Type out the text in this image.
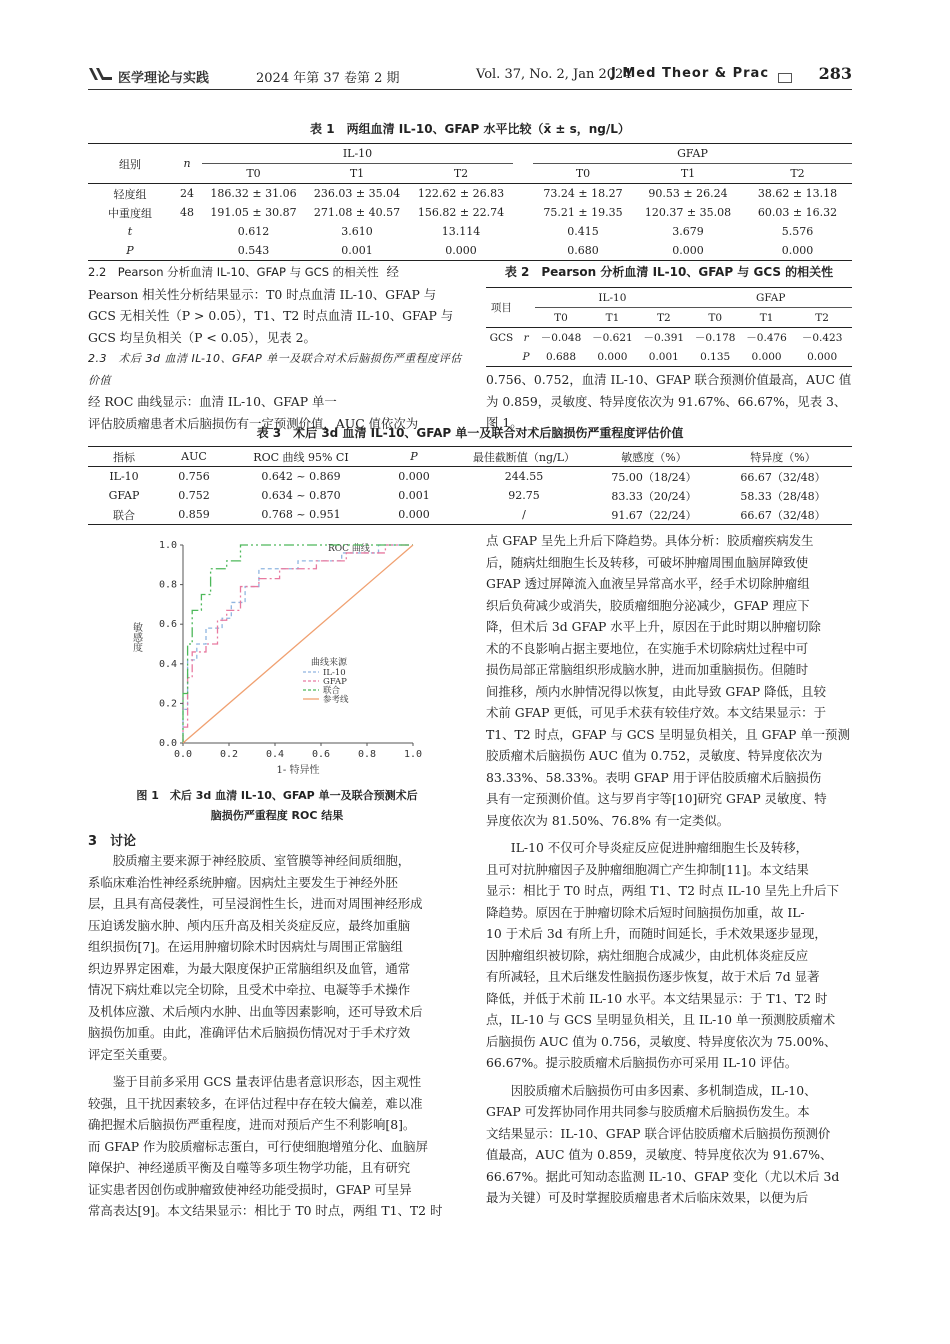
医学理论与实践	2024 年第 37 卷第 2 期	Vol. 37, No. 2, Jan 2024
J Med Theor & Prac	283
表 1　两组血清 IL-10、GFAP 水平比较（x̄ ± s，ng/L）
组别	n	IL-10				GFAP		
		T0	T1	T2		T0	T1	T2
轻度组	24	186.32 ± 31.06	236.03 ± 35.04	122.62 ± 26.83		73.24 ± 18.27	90.53 ± 26.24	38.62 ± 13.18
中重度组	48	191.05 ± 30.87	271.08 ± 40.57	156.82 ± 22.74		75.21 ± 19.35	120.37 ± 35.08	60.03 ± 16.32
t		0.612	3.610	13.114		0.415	3.679	5.576
P		0.543	0.001	0.000		0.680	0.000	0.000
2.2　Pearson 分析血清 IL-10、GFAP 与 GCS 的相关性 经
Pearson 相关性分析结果显示：T0 时点血清 IL-10、GFAP 与
GCS 无相关性（P > 0.05），T1、T2 时点血清 IL-10、GFAP 与
GCS 均呈负相关（P < 0.05），见表 2。
2.3　术后 3d 血清 IL-10、GFAP 单一及联合对术后脑损伤严重程度评估价值
经 ROC 曲线显示：血清 IL-10、GFAP 单一
评估胶质瘤患者术后脑损伤有一定预测价值，AUC 值依次为
表 2　Pearson 分析血清 IL-10、GFAP 与 GCS 的相关性
项目		IL-10			GFAP		
		T0	T1	T2	T0	T1	T2
GCS	r	－0.048	－0.621	－0.391	－0.178	－0.476	－0.423
	P	0.688	0.000	0.001	0.135	0.000	0.000
0.756、0.752，血清 IL-10、GFAP 联合预测价值最高，AUC 值
为 0.859，灵敏度、特异度依次为 91.67%、66.67%，见表 3、图 1。
表 3　术后 3d 血清 IL-10、GFAP 单一及联合对术后脑损伤严重程度评估价值
指标	AUC	ROC 曲线 95% CI	P	最佳截断值（ng/L）	敏感度（%）	特异度（%）
IL-10	0.756	0.642 ~ 0.869	0.000	244.55	75.00（18/24）	66.67（32/48）
GFAP	0.752	0.634 ~ 0.870	0.001	92.75	83.33（20/24）	58.33（28/48）
联合	0.859	0.768 ~ 0.951	0.000	/	91.67（22/24）	66.67（32/48）
0.0	0.2	0.4	0.6	0.8	1.0
0.0
0.2
0.4
0.6
0.8
1.0
1- 特异性
敏感度
ROC 曲线
曲线来源
IL-10
GFAP
联合
参考线
图 1　术后 3d 血清 IL-10、GFAP 单一及联合预测术后
脑损伤严重程度 ROC 结果
3　讨论
胶质瘤主要来源于神经胶质、室管膜等神经间质细胞，
系临床难治性神经系统肿瘤。因病灶主要发生于神经外胚
层，且具有高侵袭性，可呈浸润性生长，进而对周围神经形成
压迫诱发脑水肿、颅内压升高及相关炎症反应，最终加重脑
组织损伤[7]。在运用肿瘤切除术时因病灶与周围正常脑组
织边界界定困难，为最大限度保护正常脑组织及血管，通常
情况下病灶难以完全切除，且受术中牵拉、电凝等手术操作
及机体应激、术后颅内水肿、出血等因素影响，还可导致术后
脑损伤加重。由此，准确评估术后脑损伤情况对于手术疗效
评定至关重要。
鉴于目前多采用 GCS 量表评估患者意识形态，因主观性
较强，且干扰因素较多，在评估过程中存在较大偏差，难以准
确把握术后脑损伤严重程度，进而对预后产生不利影响[8]。
而 GFAP 作为胶质瘤标志蛋白，可行使细胞增殖分化、血脑屏
障保护、神经递质平衡及自噬等多项生物学功能，且有研究
证实患者因创伤或肿瘤致使神经功能受损时，GFAP 可呈异
常高表达[9]。本文结果显示：相比于 T0 时点，两组 T1、T2 时
点 GFAP 呈先上升后下降趋势。具体分析：胶质瘤疾病发生
后，随病灶细胞生长及转移，可破坏肿瘤周围血脑屏障致使
GFAP 透过屏障流入血液呈异常高水平，经手术切除肿瘤组
织后负荷减少或消失，胶质瘤细胞分泌减少，GFAP 理应下
降，但术后 3d GFAP 水平上升，原因在于此时期以肿瘤切除
术的不良影响占据主要地位，在实施手术切除病灶过程中可
损伤局部正常脑组织形成脑水肿，进而加重脑损伤。但随时
间推移，颅内水肿情况得以恢复，由此导致 GFAP 降低，且较
术前 GFAP 更低，可见手术获有较佳疗效。本文结果显示：于
T1、T2 时点，GFAP 与 GCS 呈明显负相关，且 GFAP 单一预测
胶质瘤术后脑损伤 AUC 值为 0.752，灵敏度、特异度依次为
83.33%、58.33%。表明 GFAP 用于评估胶质瘤术后脑损伤
具有一定预测价值。这与罗肖宇等[10]研究 GFAP 灵敏度、特
异度依次为 81.50%、76.8% 有一定类似。
IL-10 不仅可介导炎症反应促进肿瘤细胞生长及转移，
且可对抗肿瘤因子及肿瘤细胞凋亡产生抑制[11]。本文结果
显示：相比于 T0 时点，两组 T1、T2 时点 IL-10 呈先上升后下
降趋势。原因在于肿瘤切除术后短时间脑损伤加重，故 IL-
10 于术后 3d 有所上升，而随时间延长，手术效果逐步显现，
因肿瘤组织被切除，病灶细胞合成减少，由此机体炎症反应
有所减轻，且术后继发性脑损伤逐步恢复，故于术后 7d 显著
降低，并低于术前 IL-10 水平。本文结果显示：于 T1、T2 时
点，IL-10 与 GCS 呈明显负相关，且 IL-10 单一预测胶质瘤术
后脑损伤 AUC 值为 0.756，灵敏度、特异度依次为 75.00%、
66.67%。提示胶质瘤术后脑损伤亦可采用 IL-10 评估。
因胶质瘤术后脑损伤可由多因素、多机制造成，IL-10、
GFAP 可发挥协同作用共同参与胶质瘤术后脑损伤发生。本
文结果显示：IL-10、GFAP 联合评估胶质瘤术后脑损伤预测价
值最高，AUC 值为 0.859，灵敏度、特异度依次为 91.67%、
66.67%。据此可知动态监测 IL-10、GFAP 变化（尤以术后 3d
最为关键）可及时掌握胶质瘤患者术后临床效果，以便为后
